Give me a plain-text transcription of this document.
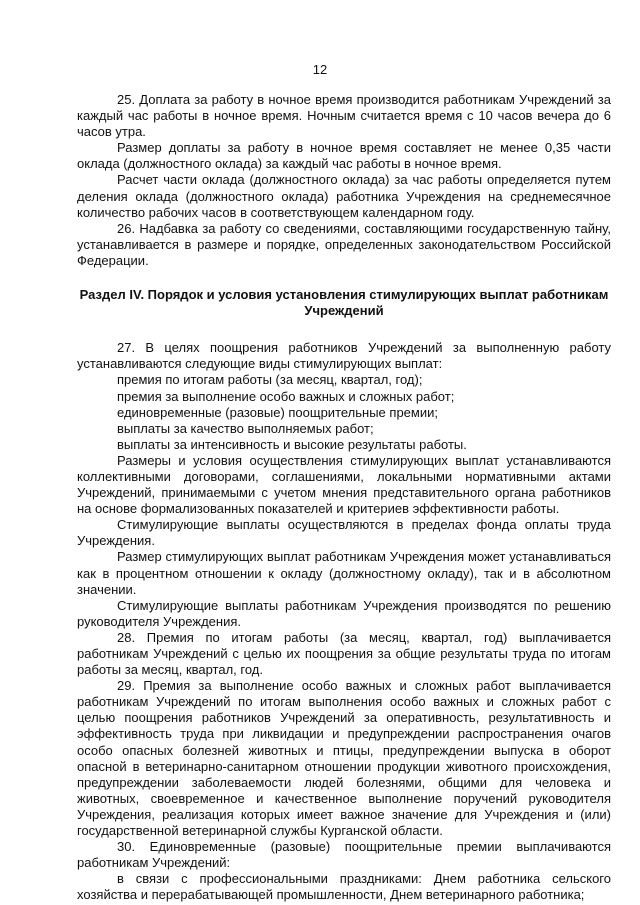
12

25. Доплата за работу в ночное время производится работникам Учреждений за каждый час работы в ночное время. Ночным считается время с 10 часов вечера до 6 часов утра.

Размер доплаты за работу в ночное время составляет не менее 0,35 части оклада (должностного оклада) за каждый час работы в ночное время.

Расчет части оклада (должностного оклада) за час работы определяется путем деления оклада (должностного оклада) работника Учреждения на среднемесячное количество рабочих часов в соответствующем календарном году.

26. Надбавка за работу со сведениями, составляющими государственную тайну, устанавливается в размере и порядке, определенных законодательством Российской Федерации.

Раздел IV. Порядок и условия установления стимулирующих выплат работникам Учреждений

27. В целях поощрения работников Учреждений за выполненную работу устанавливаются следующие виды стимулирующих выплат:

премия по итогам работы (за месяц, квартал, год);

премия за выполнение особо важных и сложных работ;

единовременные (разовые) поощрительные премии;

выплаты за качество выполняемых работ;

выплаты за интенсивность и высокие результаты работы.

Размеры и условия осуществления стимулирующих выплат устанавливаются коллективными договорами, соглашениями, локальными нормативными актами Учреждений, принимаемыми с учетом мнения представительного органа работников на основе формализованных показателей и критериев эффективности работы.

Стимулирующие выплаты осуществляются в пределах фонда оплаты труда Учреждения.

Размер стимулирующих выплат работникам Учреждения может устанавливаться как в процентном отношении к окладу (должностному окладу), так и в абсолютном значении.

Стимулирующие выплаты работникам Учреждения производятся по решению руководителя Учреждения.

28. Премия по итогам работы (за месяц, квартал, год) выплачивается работникам Учреждений с целью их поощрения за общие результаты труда по итогам работы за месяц, квартал, год.

29. Премия за выполнение особо важных и сложных работ выплачивается работникам Учреждений по итогам выполнения особо важных и сложных работ с целью поощрения работников Учреждений за оперативность, результативность и эффективность труда при ликвидации и предупреждении распространения очагов особо опасных болезней животных и птицы, предупреждении выпуска в оборот опасной в ветеринарно-санитарном отношении продукции животного происхождения, предупреждении заболеваемости людей болезнями, общими для человека и животных, своевременное и качественное выполнение поручений руководителя Учреждения, реализация которых имеет важное значение для Учреждения и (или) государственной ветеринарной службы Курганской области.

30. Единовременные (разовые) поощрительные премии выплачиваются работникам Учреждений:

в связи с профессиональными праздниками: Днем работника сельского хозяйства и перерабатывающей промышленности, Днем ветеринарного работника;
